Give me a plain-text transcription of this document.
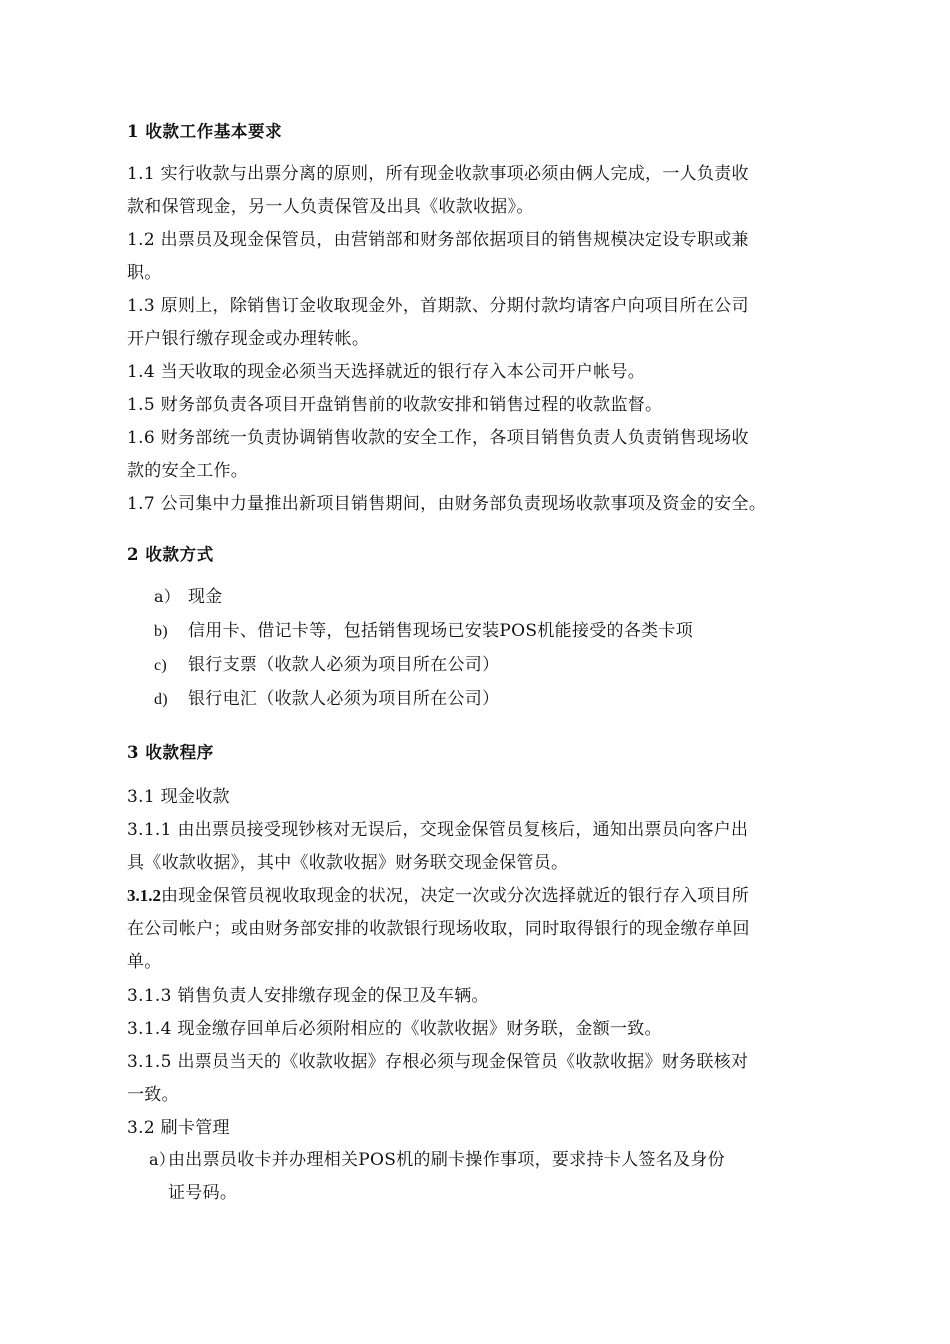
1 收款工作基本要求
1.1 实行收款与出票分离的原则，所有现金收款事项必须由俩人完成，一人负责收
款和保管现金，另一人负责保管及出具《收款收据》。
1.2 出票员及现金保管员，由营销部和财务部依据项目的销售规模决定设专职或兼
职。
1.3 原则上，除销售订金收取现金外，首期款、分期付款均请客户向项目所在公司
开户银行缴存现金或办理转帐。
1.4 当天收取的现金必须当天选择就近的银行存入本公司开户帐号。
1.5 财务部负责各项目开盘销售前的收款安排和销售过程的收款监督。
1.6 财务部统一负责协调销售收款的安全工作，各项目销售负责人负责销售现场收
款的安全工作。
1.7 公司集中力量推出新项目销售期间，由财务部负责现场收款事项及资金的安全。
2 收款方式
a） 现金
b) 信用卡、借记卡等，包括销售现场已安装POS机能接受的各类卡项
c) 银行支票（收款人必须为项目所在公司）
d) 银行电汇（收款人必须为项目所在公司）
3 收款程序
3.1 现金收款
3.1.1 由出票员接受现钞核对无误后，交现金保管员复核后，通知出票员向客户出
具《收款收据》，其中《收款收据》财务联交现金保管员。
3.1.2由现金保管员视收取现金的状况，决定一次或分次选择就近的银行存入项目所
在公司帐户；或由财务部安排的收款银行现场收取，同时取得银行的现金缴存单回
单。
3.1.3 销售负责人安排缴存现金的保卫及车辆。
3.1.4 现金缴存回单后必须附相应的《收款收据》财务联，金额一致。
3.1.5 出票员当天的《收款收据》存根必须与现金保管员《收款收据》财务联核对
一致。
3.2 刷卡管理
a）由出票员收卡并办理相关POS机的刷卡操作事项，要求持卡人签名及身份
证号码。
